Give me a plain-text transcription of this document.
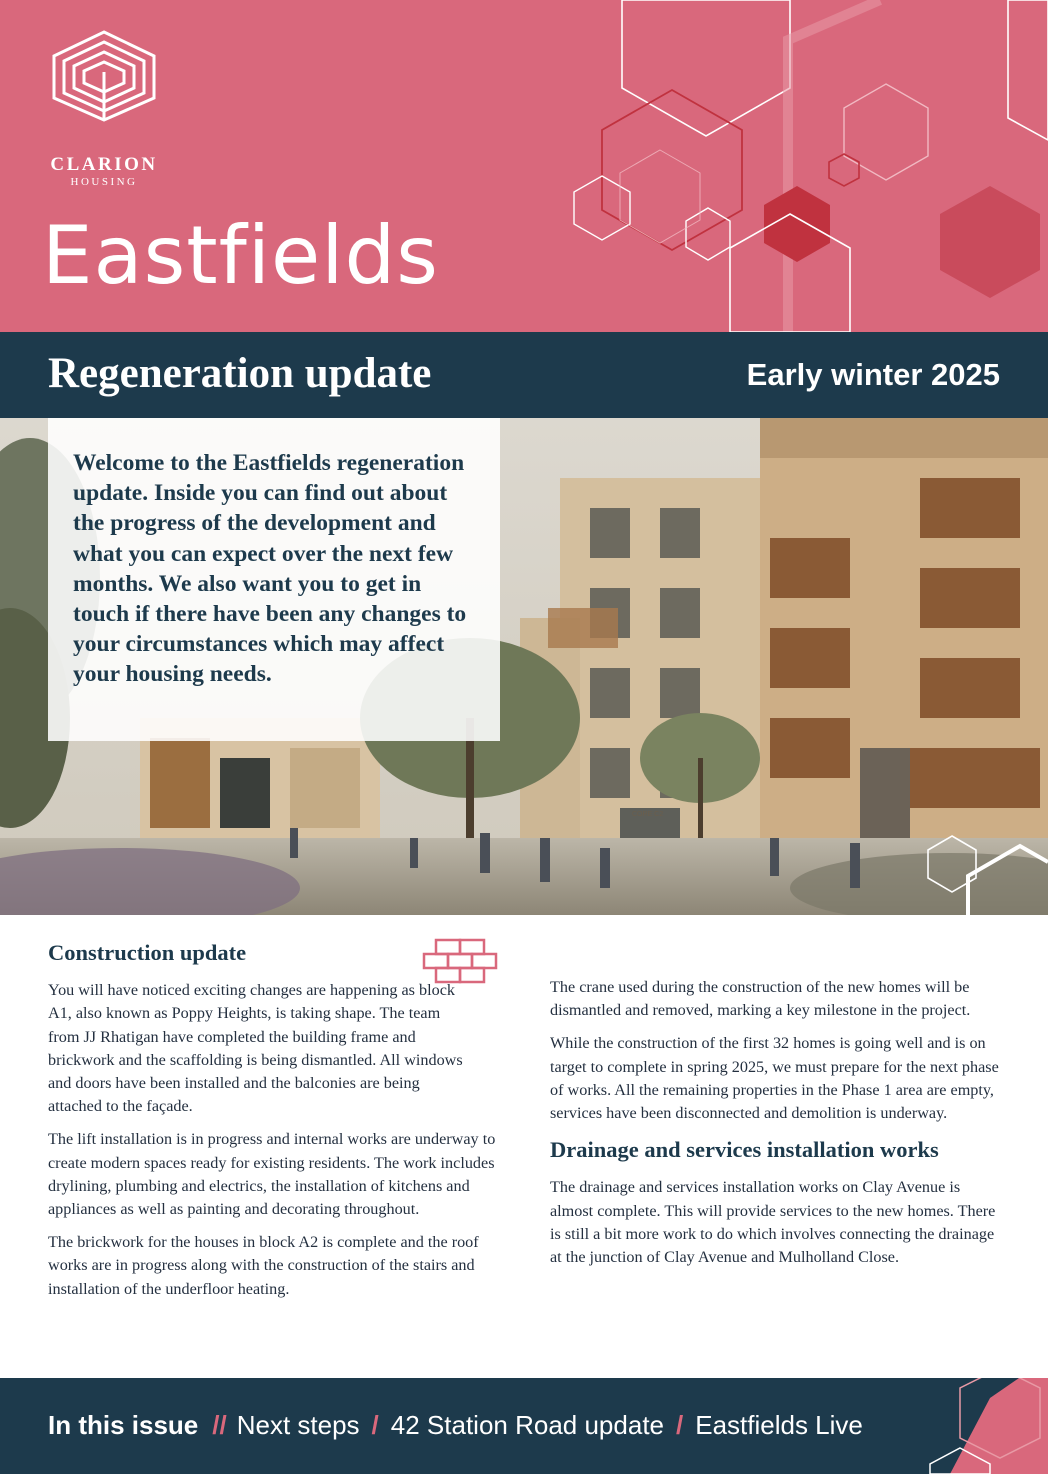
CLARION
HOUSING
Eastfields
Regeneration update	Early winter 2025
CORE C2

Welcome to the Eastfields regeneration update. Inside you can find out about the progress of the development and what you can expect over the next few months. We also want you to get in touch if there have been any changes to your circumstances which may affect your housing needs.

Construction update

You will have noticed exciting changes are happening as block A1, also known as Poppy Heights, is taking shape. The team from JJ Rhatigan have completed the building frame and brickwork and the scaffolding is being dismantled. All windows and doors have been installed and the balconies are being attached to the façade.

The lift installation is in progress and internal works are underway to create modern spaces ready for existing residents. The work includes drylining, plumbing and electrics, the installation of kitchens and appliances as well as painting and decorating throughout.

The brickwork for the houses in block A2 is complete and the roof works are in progress along with the construction of the stairs and installation of the underfloor heating.

The crane used during the construction of the new homes will be dismantled and removed, marking a key milestone in the project.

While the construction of the first 32 homes is going well and is on target to complete in spring 2025, we must prepare for the next phase of works. All the remaining properties in the Phase 1 area are empty, services have been disconnected and demolition is underway.

Drainage and services installation works

The drainage and services installation works on Clay Avenue is almost complete. This will provide services to the new homes. There is still a bit more work to do which involves connecting the drainage at the junction of Clay Avenue and Mulholland Close.

In this issue // Next steps / 42 Station Road update / Eastfields Live
